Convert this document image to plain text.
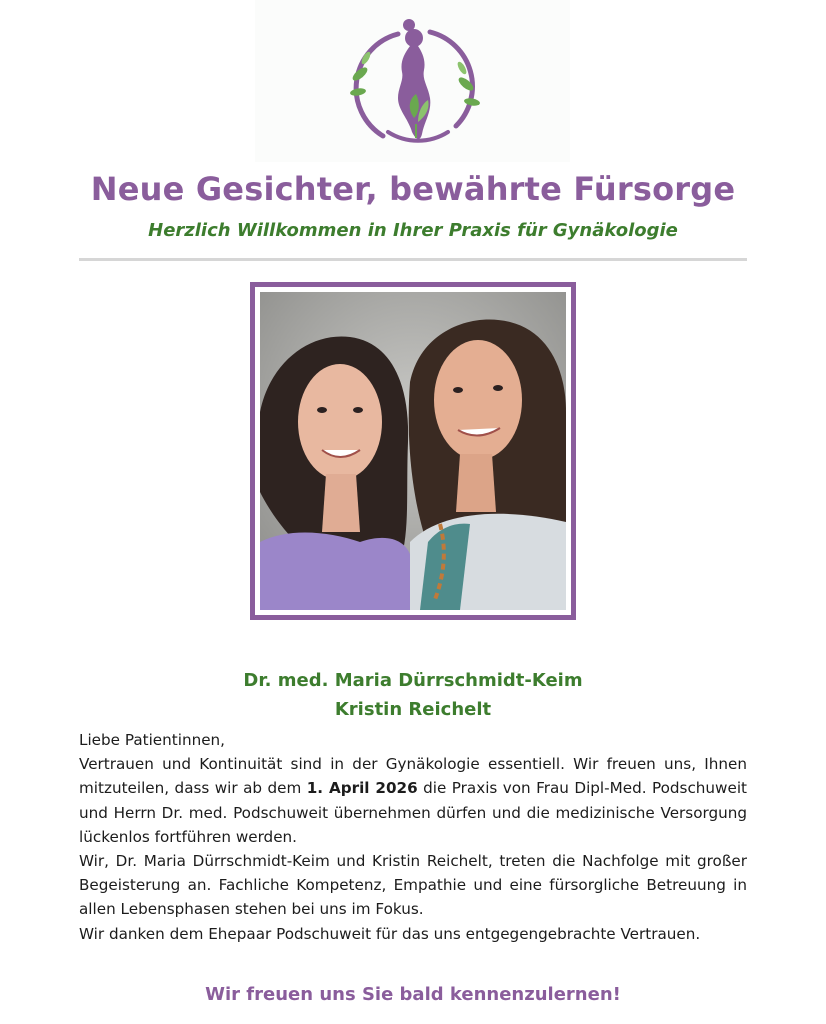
Neue Gesichter, bewährte Fürsorge
Herzlich Willkommen in Ihrer Praxis für Gynäkologie
Dr. med. Maria Dürrschmidt-Keim
Kristin Reichelt

Liebe Patientinnen,

Vertrauen und Kontinuität sind in der Gynäkologie essentiell. Wir freuen uns, Ihnen mitzuteilen, dass wir ab dem 1. April 2026 die Praxis von Frau Dipl-Med. Podschuweit und Herrn Dr. med. Podschuweit übernehmen dürfen und die medizinische Versorgung lückenlos fortführen werden.

Wir, Dr. Maria Dürrschmidt-Keim und Kristin Reichelt, treten die Nachfolge mit großer Begeisterung an. Fachliche Kompetenz, Empathie und eine fürsorgliche Betreuung in allen Lebensphasen stehen bei uns im Fokus.

Wir danken dem Ehepaar Podschuweit für das uns entgegengebrachte Vertrauen.

Wir freuen uns Sie bald kennenzulernen!
